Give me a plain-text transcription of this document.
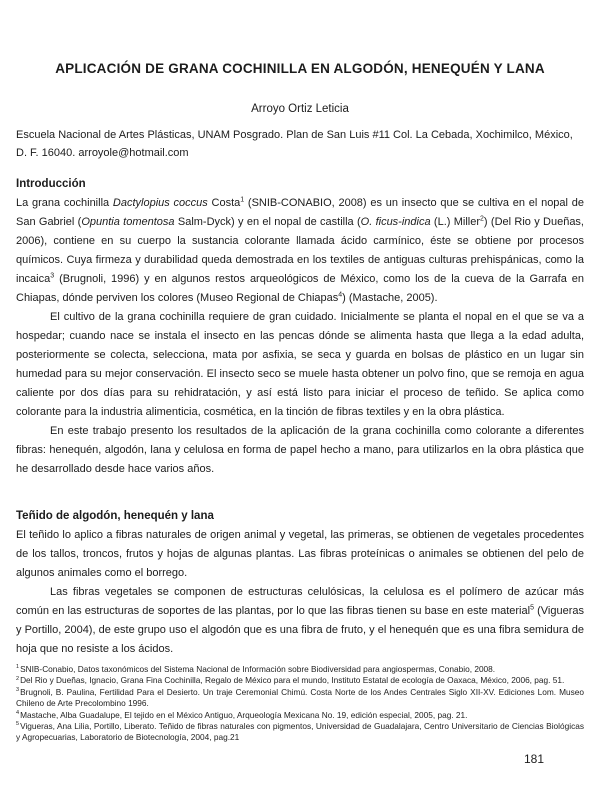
APLICACIÓN DE GRANA COCHINILLA EN ALGODÓN, HENEQUÉN Y LANA
Arroyo Ortiz Leticia
Escuela Nacional de Artes Plásticas, UNAM Posgrado. Plan de San Luis #11 Col. La Cebada, Xochimilco, México, D. F. 16040. arroyole@hotmail.com
Introducción

La grana cochinilla Dactylopius coccus Costa$^1$ (SNIB-CONABIO, 2008) es un insecto que se cultiva en el nopal de San Gabriel (Opuntia tomentosa Salm-Dyck) y en el nopal de castilla (O. ficus-indica (L.) Miller$^2$) (Del Rio y Dueñas, 2006), contiene en su cuerpo la sustancia colorante llamada ácido carmínico, éste se obtiene por procesos químicos. Cuya firmeza y durabilidad queda demostrada en los textiles de antiguas culturas prehispánicas, como la incaica$^3$ (Brugnoli, 1996) y en algunos restos arqueológicos de México, como los de la cueva de la Garrafa en Chiapas, dónde perviven los colores (Museo Regional de Chiapas$^4$) (Mastache, 2005).

El cultivo de la grana cochinilla requiere de gran cuidado. Inicialmente se planta el nopal en el que se va a hospedar; cuando nace se instala el insecto en las pencas dónde se alimenta hasta que llega a la edad adulta, posteriormente se colecta, selecciona, mata por asfixia, se seca y guarda en bolsas de plástico en un lugar sin humedad para su mejor conservación. El insecto seco se muele hasta obtener un polvo fino, que se remoja en agua caliente por dos días para su rehidratación, y así está listo para iniciar el proceso de teñido. Se aplica como colorante para la industria alimenticia, cosmética, en la tinción de fibras textiles y en la obra plástica.

En este trabajo presento los resultados de la aplicación de la grana cochinilla como colorante a diferentes fibras: henequén, algodón, lana y celulosa en forma de papel hecho a mano, para utilizarlos en la obra plástica que he desarrollado desde hace varios años.

Teñido de algodón, henequén y lana

El teñido lo aplico a fibras naturales de origen animal y vegetal, las primeras, se obtienen de vegetales procedentes de los tallos, troncos, frutos y hojas de algunas plantas. Las fibras proteínicas o animales se obtienen del pelo de algunos animales como el borrego.

Las fibras vegetales se componen de estructuras celulósicas, la celulosa es el polímero de azúcar más común en las estructuras de soportes de las plantas, por lo que las fibras tienen su base en este material$^5$ (Vigueras y Portillo, 2004), de este grupo uso el algodón que es una fibra de fruto, y el henequén que es una fibra semidura de hoja que no resiste a los ácidos.

$^1$SNIB-Conabio, Datos taxonómicos del Sistema Nacional de Información sobre Biodiversidad para angiospermas, Conabio, 2008.
$^2$Del Rio y Dueñas, Ignacio, Grana Fina Cochinilla, Regalo de México para el mundo, Instituto Estatal de ecología de Oaxaca, México, 2006, pag. 51.
$^3$Brugnoli, B. Paulina, Fertilidad Para el Desierto. Un traje Ceremonial Chimú. Costa Norte de los Andes Centrales Siglo XII-XV. Ediciones Lom. Museo Chileno de Arte Precolombino 1996.
$^4$Mastache, Alba Guadalupe, El tejido en el México Antiguo, Arqueología Mexicana No. 19, edición especial, 2005, pag. 21.
$^5$Vigueras, Ana Lilia, Portillo, Liberato. Teñido de fibras naturales con pigmentos, Universidad de Guadalajara, Centro Universitario de Ciencias Biológicas y Agropecuarias, Laboratorio de Biotecnología, 2004, pag.21
181
